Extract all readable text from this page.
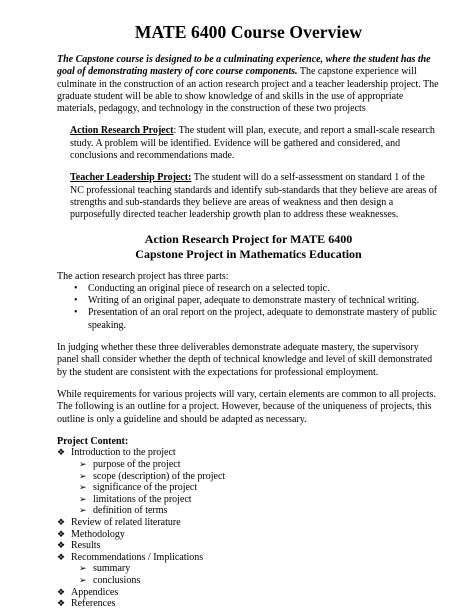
MATE 6400 Course Overview

The Capstone course is designed to be a culminating experience, where the student has the goal of demonstrating mastery of core course components. The capstone experience will culminate in the construction of an action research project and a teacher leadership project. The graduate student will be able to show knowledge of and skills in the use of appropriate materials, pedagogy, and technology in the construction of these two projects

Action Research Project: The student will plan, execute, and report a small-scale research study. A problem will be identified. Evidence will be gathered and considered, and conclusions and recommendations made.

Teacher Leadership Project: The student will do a self-assessment on standard 1 of the NC professional teaching standards and identify sub-standards that they believe are areas of strengths and sub-standards they believe are areas of weakness and then design a purposefully directed teacher leadership growth plan to address these weaknesses.

Action Research Project for MATE 6400
Capstone Project in Mathematics Education

The action research project has three parts:

• Conducting an original piece of research on a selected topic.
• Writing of an original paper, adequate to demonstrate mastery of technical writing.
• Presentation of an oral report on the project, adequate to demonstrate mastery of public speaking.

In judging whether these three deliverables demonstrate adequate mastery, the supervisory panel shall consider whether the depth of technical knowledge and level of skill demonstrated by the student are consistent with the expectations for professional employment.

While requirements for various projects will vary, certain elements are common to all projects. The following is an outline for a project. However, because of the uniqueness of projects, this outline is only a guideline and should be adapted as necessary.

Project Content:
❖ Introduction to the project
➢ purpose of the project
➢ scope (description) of the project
➢ significance of the project
➢ limitations of the project
➢ definition of terms
❖ Review of related literature
❖ Methodology
❖ Results
❖ Recommendations / Implications
➢ summary
➢ conclusions
❖ Appendices
❖ References
